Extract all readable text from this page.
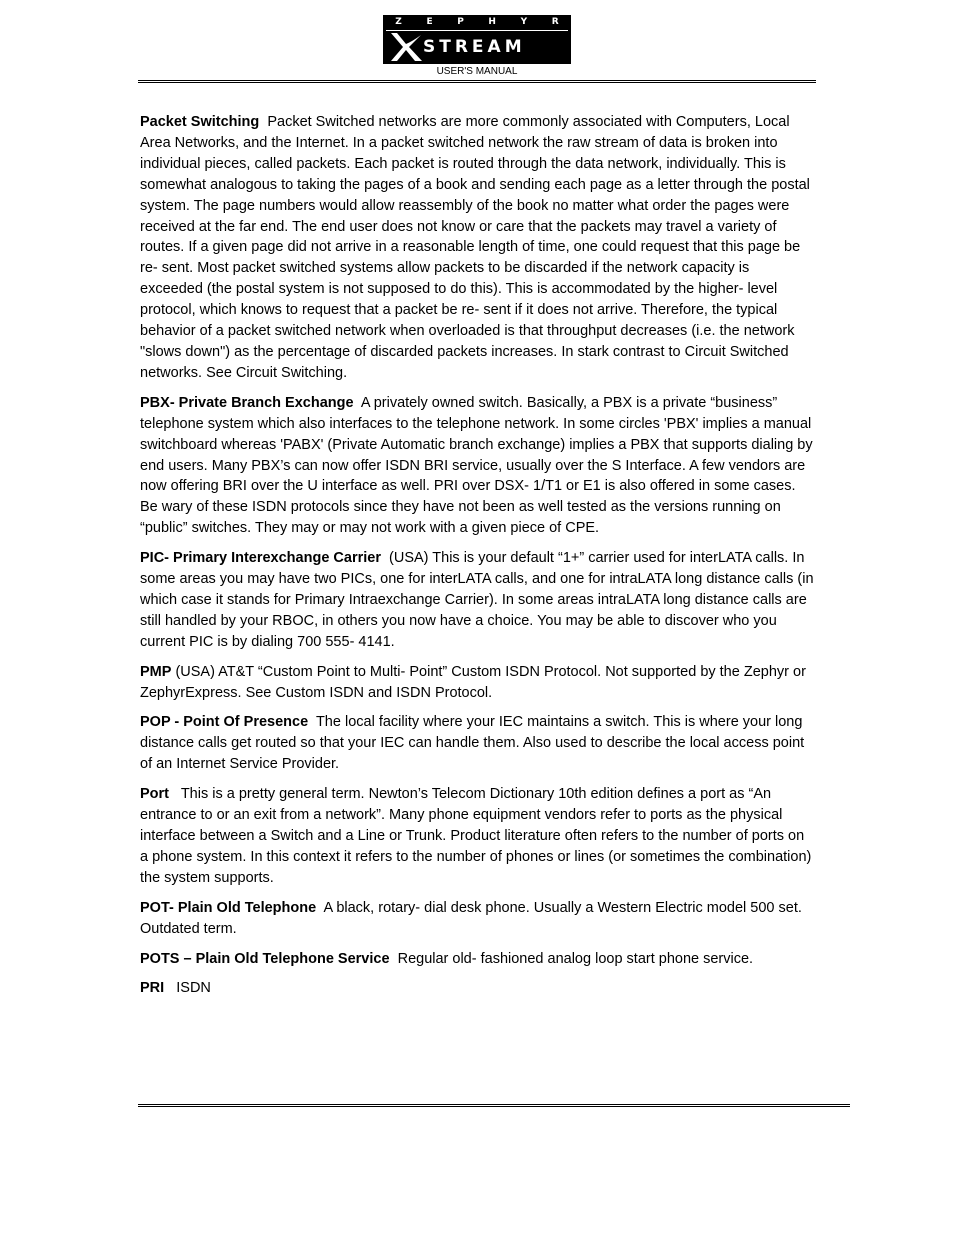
Z	E	P	H	Y	R
STREAM
USER'S MANUAL

Packet Switching Packet Switched networks are more commonly associated with Computers, Local Area Networks, and the Internet. In a packet switched network the raw stream of data is broken into individual pieces, called packets. Each packet is routed through the data network, individually. This is somewhat analogous to taking the pages of a book and sending each page as a letter through the postal system. The page numbers would allow reassembly of the book no matter what order the pages were received at the far end. The end user does not know or care that the packets may travel a variety of routes. If a given page did not arrive in a reasonable length of time, one could request that this page be re- sent. Most packet switched systems allow packets to be discarded if the network capacity is exceeded (the postal system is not supposed to do this). This is accommodated by the higher- level protocol, which knows to request that a packet be re- sent if it does not arrive. Therefore, the typical behavior of a packet switched network when overloaded is that throughput decreases (i.e. the network "slows down") as the percentage of discarded packets increases. In stark contrast to Circuit Switched networks. See Circuit Switching.

PBX- Private Branch Exchange A privately owned switch. Basically, a PBX is a private “business” telephone system which also interfaces to the telephone network. In some circles 'PBX' implies a manual switchboard whereas 'PABX' (Private Automatic branch exchange) implies a PBX that supports dialing by end users. Many PBX’s can now offer ISDN BRI service, usually over the S Interface. A few vendors are now offering BRI over the U interface as well. PRI over DSX- 1/T1 or E1 is also offered in some cases. Be wary of these ISDN protocols since they have not been as well tested as the versions running on “public” switches. They may or may not work with a given piece of CPE.

PIC- Primary Interexchange Carrier (USA) This is your default “1+” carrier used for interLATA calls. In some areas you may have two PICs, one for interLATA calls, and one for intraLATA long distance calls (in which case it stands for Primary Intraexchange Carrier). In some areas intraLATA long distance calls are still handled by your RBOC, in others you now have a choice. You may be able to discover who you current PIC is by dialing 700 555- 4141.

PMP (USA) AT&T “Custom Point to Multi- Point” Custom ISDN Protocol. Not supported by the Zephyr or ZephyrExpress. See Custom ISDN and ISDN Protocol.

POP - Point Of Presence The local facility where your IEC maintains a switch. This is where your long distance calls get routed so that your IEC can handle them. Also used to describe the local access point of an Internet Service Provider.

Port This is a pretty general term. Newton’s Telecom Dictionary 10th edition defines a port as “An entrance to or an exit from a network”. Many phone equipment vendors refer to ports as the physical interface between a Switch and a Line or Trunk. Product literature often refers to the number of ports on a phone system. In this context it refers to the number of phones or lines (or sometimes the combination) the system supports.

POT- Plain Old Telephone A black, rotary- dial desk phone. Usually a Western Electric model 500 set. Outdated term.

POTS – Plain Old Telephone Service Regular old- fashioned analog loop start phone service.

PRI ISDN
